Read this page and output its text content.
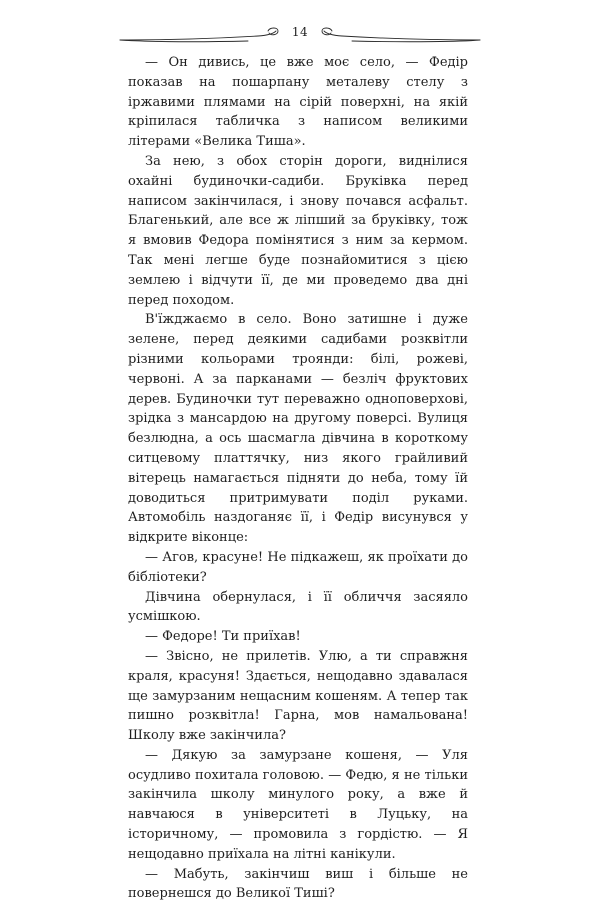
14

— Он дивись, це вже моє село, — Федір показав на пошарпану металеву стелу з іржавими плямами на сірій поверхні, на якій кріпилася табличка з написом великими літерами «Велика Тиша».

За нею, з обох сторін дороги, виднілися охайні будиночки-садиби. Бруківка перед написом закінчилася, і знову почався асфальт. Благенький, але все ж ліпший за бруківку, тож я вмовив Федора помінятися з ним за кермом. Так мені легше буде познайомитися з цією землею і відчути її, де ми проведемо два дні перед походом.

В'їжджаємо в село. Воно затишне і дуже зелене, перед деякими садибами розквітли різними кольорами троянди: білі, рожеві, червоні. А за парканами — безліч фруктових дерев. Будиночки тут переважно одноповерхові, зрідка з мансардою на другому поверсі. Вулиця безлюдна, а ось шасмагла дівчина в короткому ситцевому платтячку, низ якого грайливий вітерець намагається підняти до неба, тому їй доводиться притримувати поділ руками. Автомобіль наздоганяє її, і Федір висунувся у відкрите віконце:

— Агов, красуне! Не підкажеш, як проїхати до бібліотеки?

Дівчина обернулася, і її обличчя засяяло усмішкою.

— Федоре! Ти приїхав!

— Звісно, не прилетів. Улю, а ти справжня краля, красуня! Здається, нещодавно здавалася ще замурзаним нещасним кошеням. А тепер так пишно розквітла! Гарна, мов намальована! Школу вже закінчила?

— Дякую за замурзане кошеня, — Уля осудливо похитала головою. — Федю, я не тільки закінчила школу минулого року, а вже й навчаюся в університеті в Луцьку, на історичному, — промовила з гордістю. — Я нещодавно приїхала на літні канікули.

— Мабуть, закінчиш виш і більше не повернешся до Великої Тиші?
